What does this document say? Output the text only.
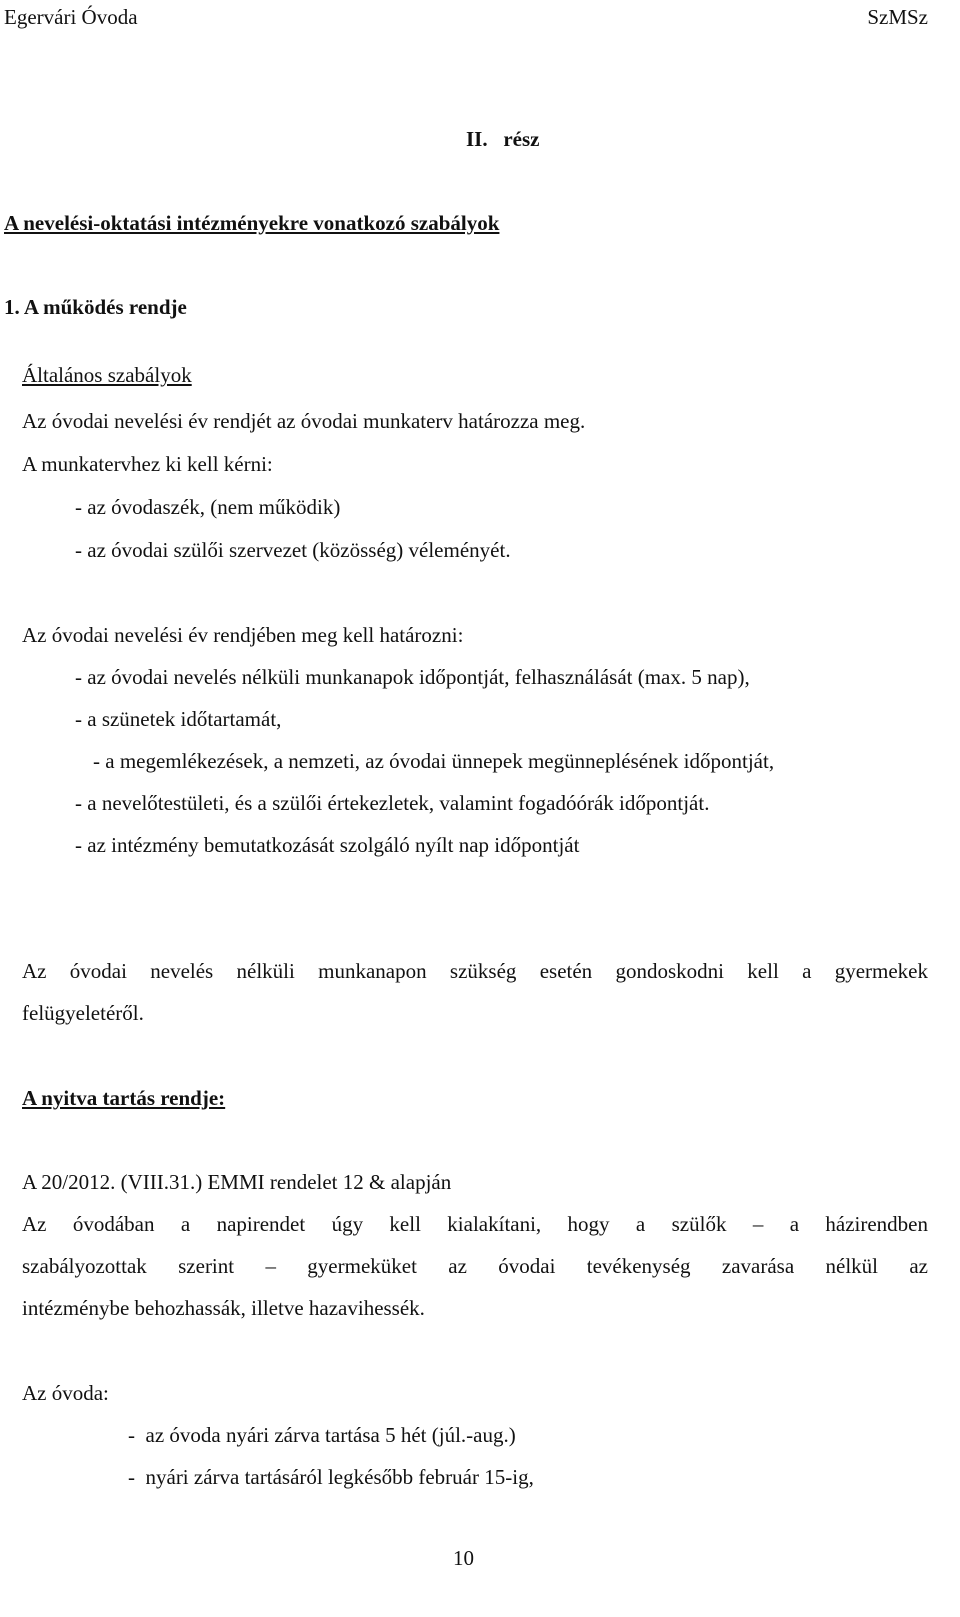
Egervári Óvoda	SzMSz
II.   rész
A nevelési-oktatási intézményekre vonatkozó szabályok
1. A működés rendje
Általános szabályok
Az óvodai nevelési év rendjét az óvodai munkaterv határozza meg.
A munkatervhez ki kell kérni:
- az óvodaszék, (nem működik)
- az óvodai szülői szervezet (közösség) véleményét.
Az óvodai nevelési év rendjében meg kell határozni:
- az óvodai nevelés nélküli munkanapok időpontját, felhasználását (max. 5 nap),
- a szünetek időtartamát,
- a megemlékezések, a nemzeti, az óvodai ünnepek megünneplésének időpontját,
- a nevelőtestületi, és a szülői értekezletek, valamint fogadóórák időpontját.
- az intézmény bemutatkozását szolgáló nyílt nap időpontját
Az óvodai nevelés nélküli munkanapon szükség esetén gondoskodni kell a gyermekek
felügyeletéről.
A nyitva tartás rendje:
A 20/2012. (VIII.31.) EMMI rendelet 12 & alapján
Az óvodában a napirendet úgy kell kialakítani, hogy a szülők – a házirendben
szabályozottak szerint – gyermeküket az óvodai tevékenység zavarása nélkül az
intézménybe behozhassák, illetve hazavihessék.
Az óvoda:
-  az óvoda nyári zárva tartása 5 hét (júl.-aug.)
-  nyári zárva tartásáról legkésőbb február 15-ig,
10
